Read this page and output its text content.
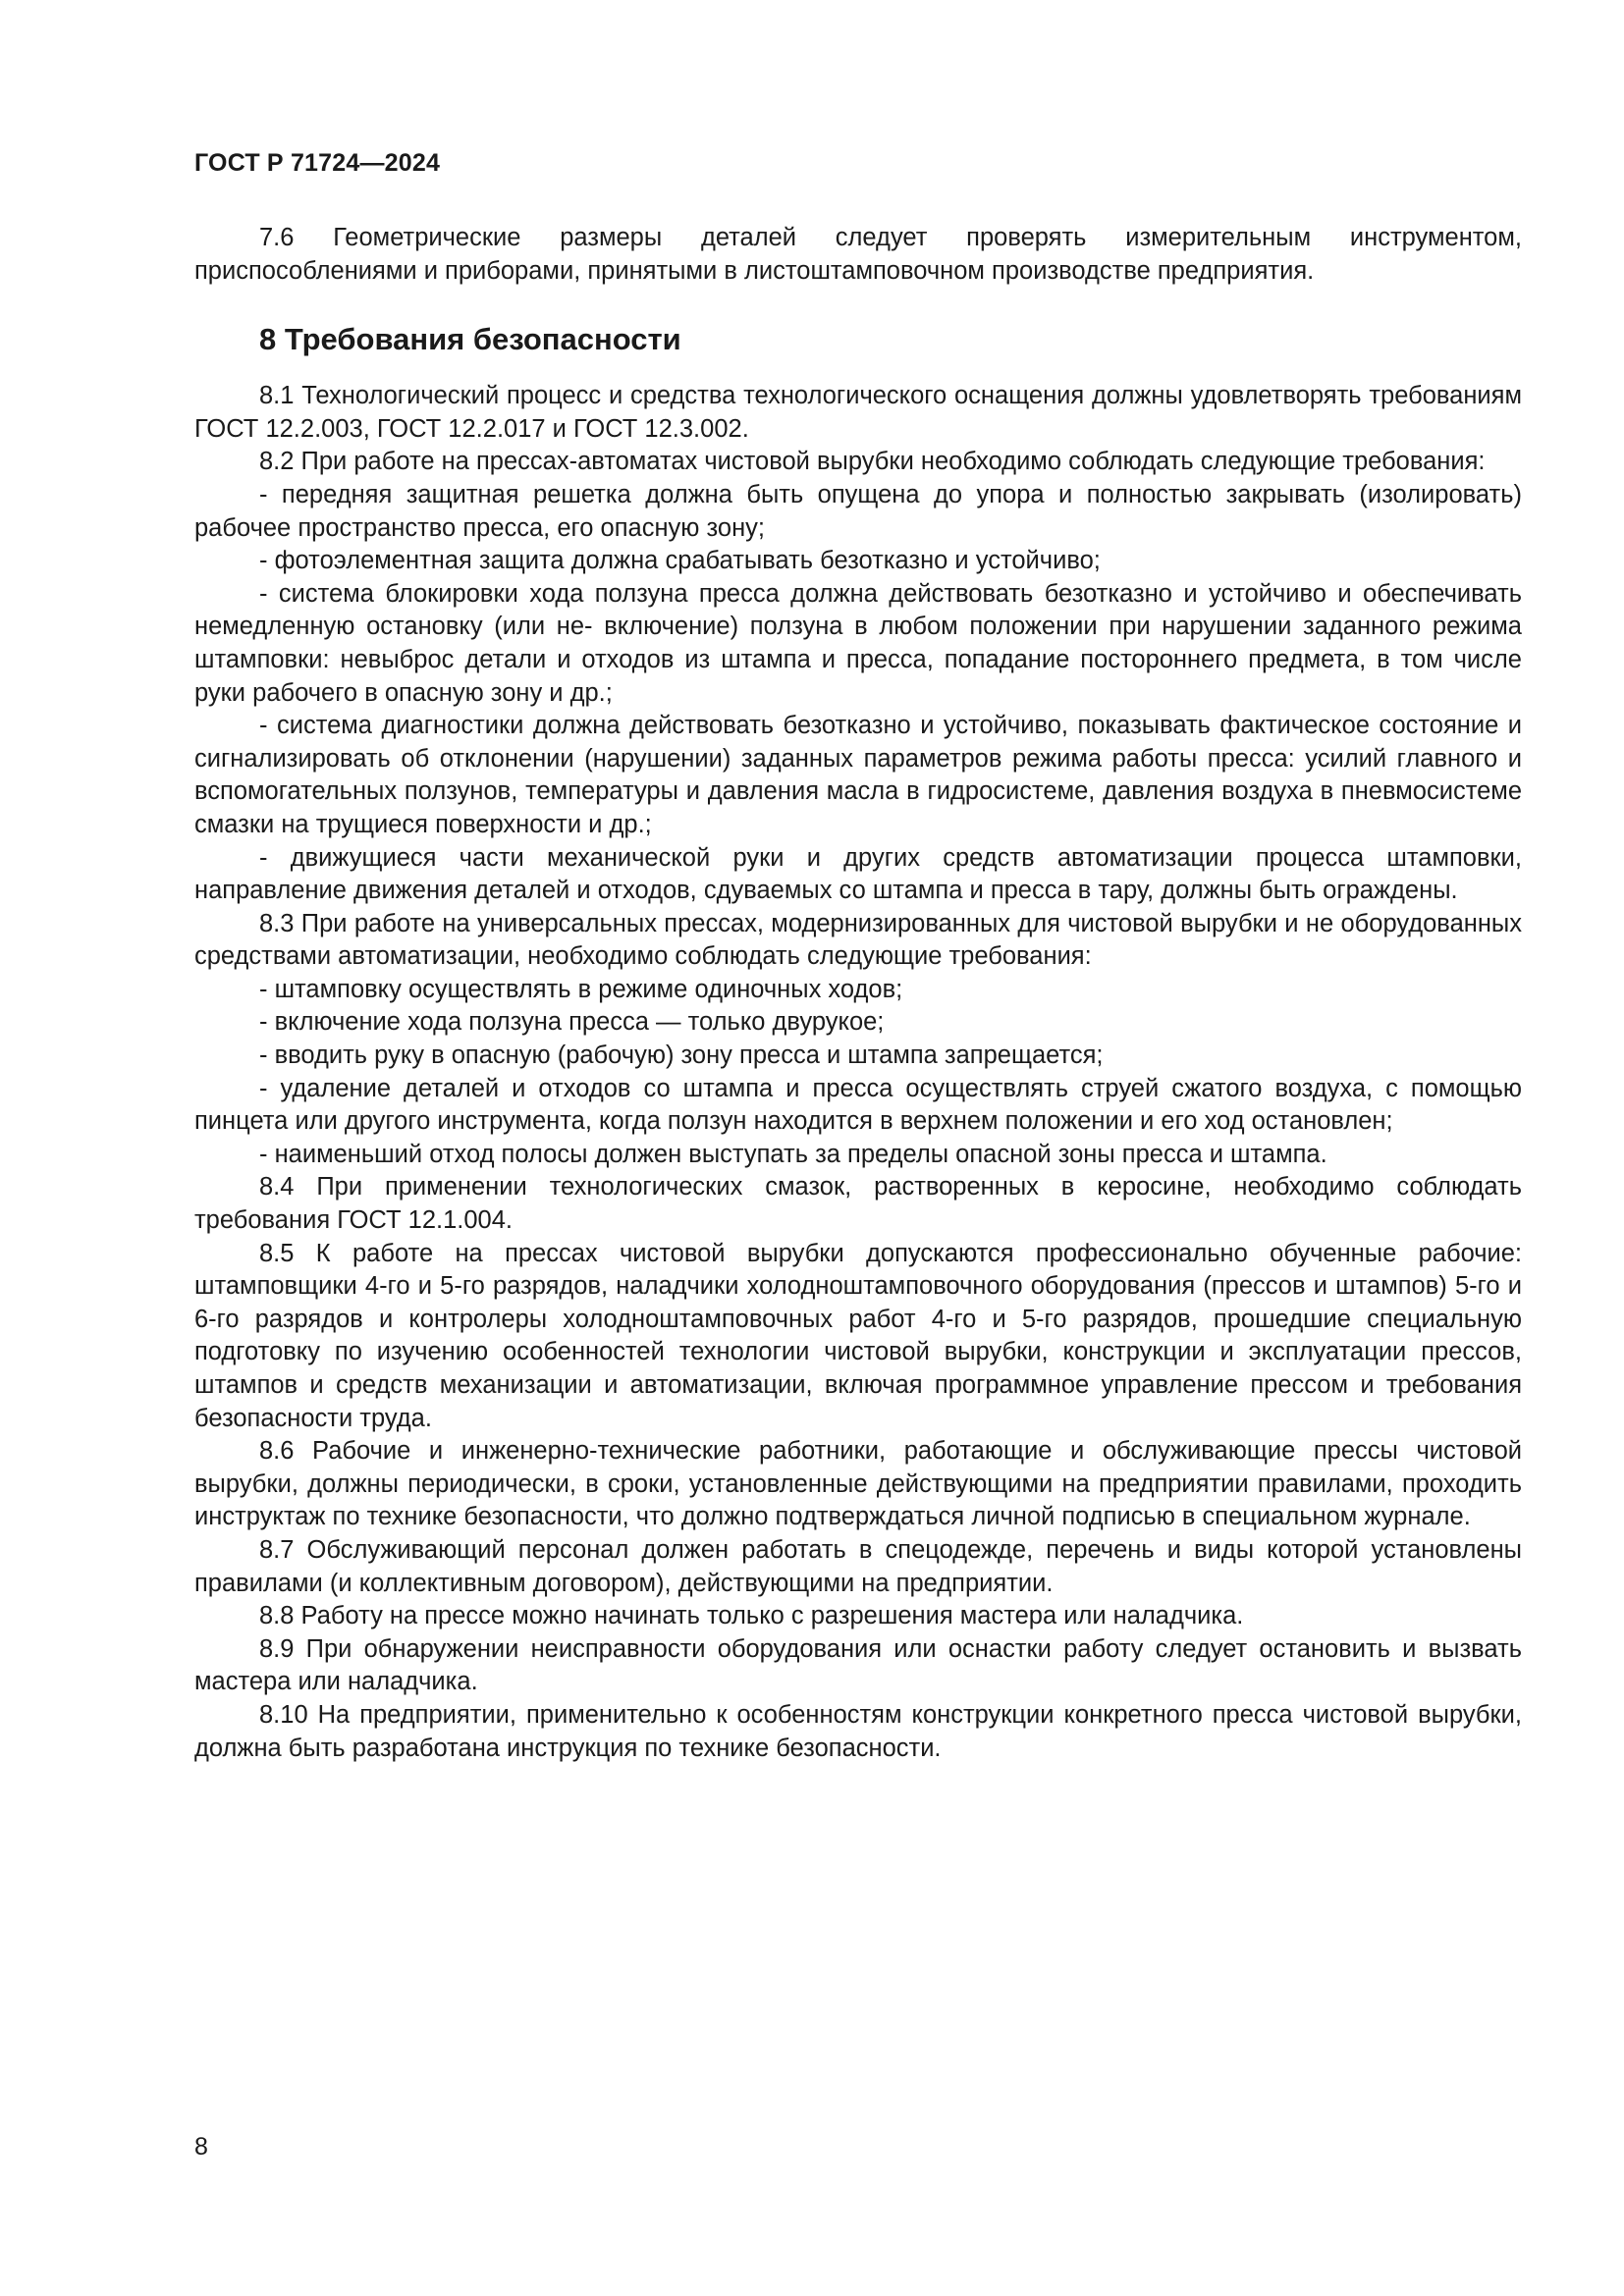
ГОСТ Р 71724—2024

7.6 Геометрические размеры деталей следует проверять измерительным инструментом, приспособлениями и приборами, принятыми в листоштамповочном производстве предприятия.

8 Требования безопасности

8.1 Технологический процесс и средства технологического оснащения должны удовлетворять требованиям ГОСТ 12.2.003, ГОСТ 12.2.017 и ГОСТ 12.3.002.

8.2 При работе на прессах-автоматах чистовой вырубки необходимо соблюдать следующие требования:

- передняя защитная решетка должна быть опущена до упора и полностью закрывать (изолировать) рабочее пространство пресса, его опасную зону;

- фотоэлементная защита должна срабатывать безотказно и устойчиво;

- система блокировки хода ползуна пресса должна действовать безотказно и устойчиво и обеспечивать немедленную остановку (или не- включение) ползуна в любом положении при нарушении заданного режима штамповки: невыброс детали и отходов из штампа и пресса, попадание постороннего предмета, в том числе руки рабочего в опасную зону и др.;

- система диагностики должна действовать безотказно и устойчиво, показывать фактическое состояние и сигнализировать об отклонении (нарушении) заданных параметров режима работы пресса: усилий главного и вспомогательных ползунов, температуры и давления масла в гидросистеме, давления воздуха в пневмосистеме смазки на трущиеся поверхности и др.;

- движущиеся части механической руки и других средств автоматизации процесса штамповки, направление движения деталей и отходов, сдуваемых со штампа и пресса в тару, должны быть ограждены.

8.3 При работе на универсальных прессах, модернизированных для чистовой вырубки и не оборудованных средствами автоматизации, необходимо соблюдать следующие требования:

- штамповку осуществлять в режиме одиночных ходов;

- включение хода ползуна пресса — только двурукое;

- вводить руку в опасную (рабочую) зону пресса и штампа запрещается;

- удаление деталей и отходов со штампа и пресса осуществлять струей сжатого воздуха, с помощью пинцета или другого инструмента, когда ползун находится в верхнем положении и его ход остановлен;

- наименьший отход полосы должен выступать за пределы опасной зоны пресса и штампа.

8.4 При применении технологических смазок, растворенных в керосине, необходимо соблюдать требования ГОСТ 12.1.004.

8.5 К работе на прессах чистовой вырубки допускаются профессионально обученные рабочие: штамповщики 4-го и 5-го разрядов, наладчики холодноштамповочного оборудования (прессов и штампов) 5-го и 6-го разрядов и контролеры холодноштамповочных работ 4-го и 5-го разрядов, прошедшие специальную подготовку по изучению особенностей технологии чистовой вырубки, конструкции и эксплуатации прессов, штампов и средств механизации и автоматизации, включая программное управление прессом и требования безопасности труда.

8.6 Рабочие и инженерно-технические работники, работающие и обслуживающие прессы чистовой вырубки, должны периодически, в сроки, установленные действующими на предприятии правилами, проходить инструктаж по технике безопасности, что должно подтверждаться личной подписью в специальном журнале.

8.7 Обслуживающий персонал должен работать в спецодежде, перечень и виды которой установлены правилами (и коллективным договором), действующими на предприятии.

8.8 Работу на прессе можно начинать только с разрешения мастера или наладчика.

8.9 При обнаружении неисправности оборудования или оснастки работу следует остановить и вызвать мастера или наладчика.

8.10 На предприятии, применительно к особенностям конструкции конкретного пресса чистовой вырубки, должна быть разработана инструкция по технике безопасности.

8
